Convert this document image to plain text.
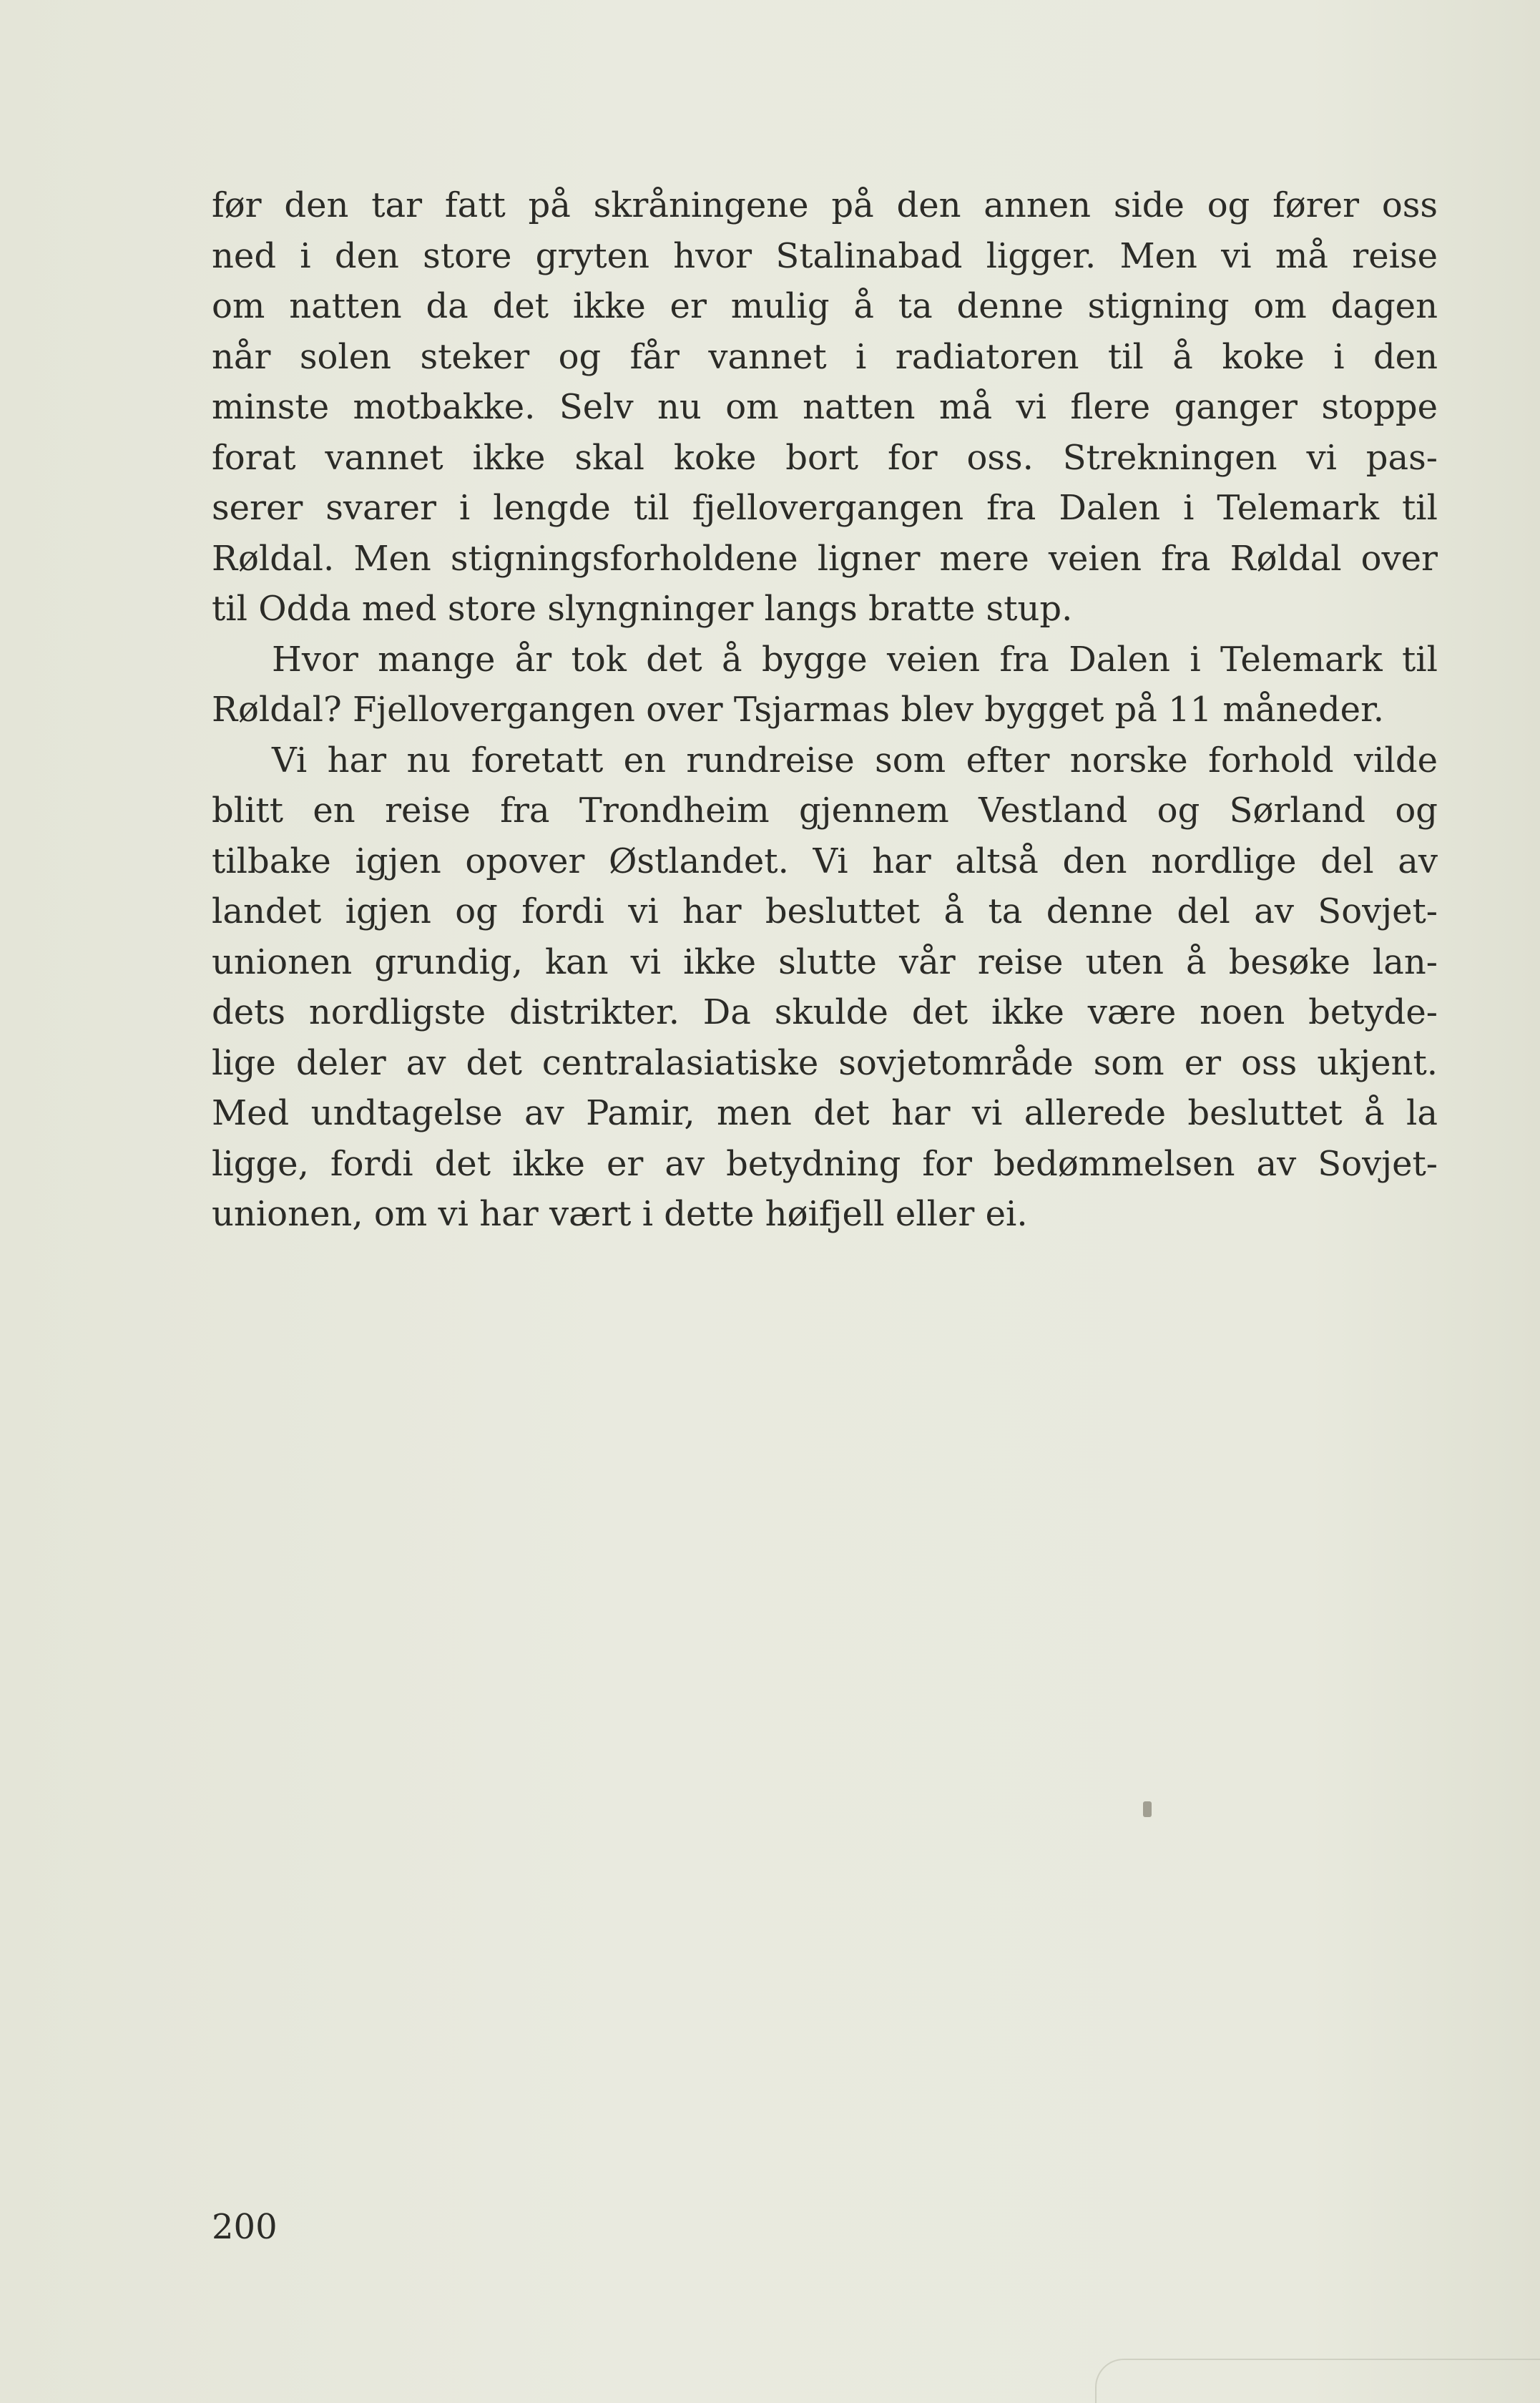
før den tar fatt på skråningene på den annen side og fører oss
ned i den store gryten hvor Stalinabad ligger. Men vi må reise
om natten da det ikke er mulig å ta denne stigning om dagen
når solen steker og får vannet i radiatoren til å koke i den
minste motbakke. Selv nu om natten må vi flere ganger stoppe
forat vannet ikke skal koke bort for oss. Strekningen vi pas-
serer svarer i lengde til fjellovergangen fra Dalen i Telemark til
Røldal. Men stigningsforholdene ligner mere veien fra Røldal over
til Odda med store slyngninger langs bratte stup.
Hvor mange år tok det å bygge veien fra Dalen i Telemark til
Røldal? Fjellovergangen over Tsjarmas blev bygget på 11 måneder.
Vi har nu foretatt en rundreise som efter norske forhold vilde
blitt en reise fra Trondheim gjennem Vestland og Sørland og
tilbake igjen opover Østlandet. Vi har altså den nordlige del av
landet igjen og fordi vi har besluttet å ta denne del av Sovjet-
unionen grundig, kan vi ikke slutte vår reise uten å besøke lan-
dets nordligste distrikter. Da skulde det ikke være noen betyde-
lige deler av det centralasiatiske sovjetområde som er oss ukjent.
Med undtagelse av Pamir, men det har vi allerede besluttet å la
ligge, fordi det ikke er av betydning for bedømmelsen av Sovjet-
unionen, om vi har vært i dette høifjell eller ei.
200
